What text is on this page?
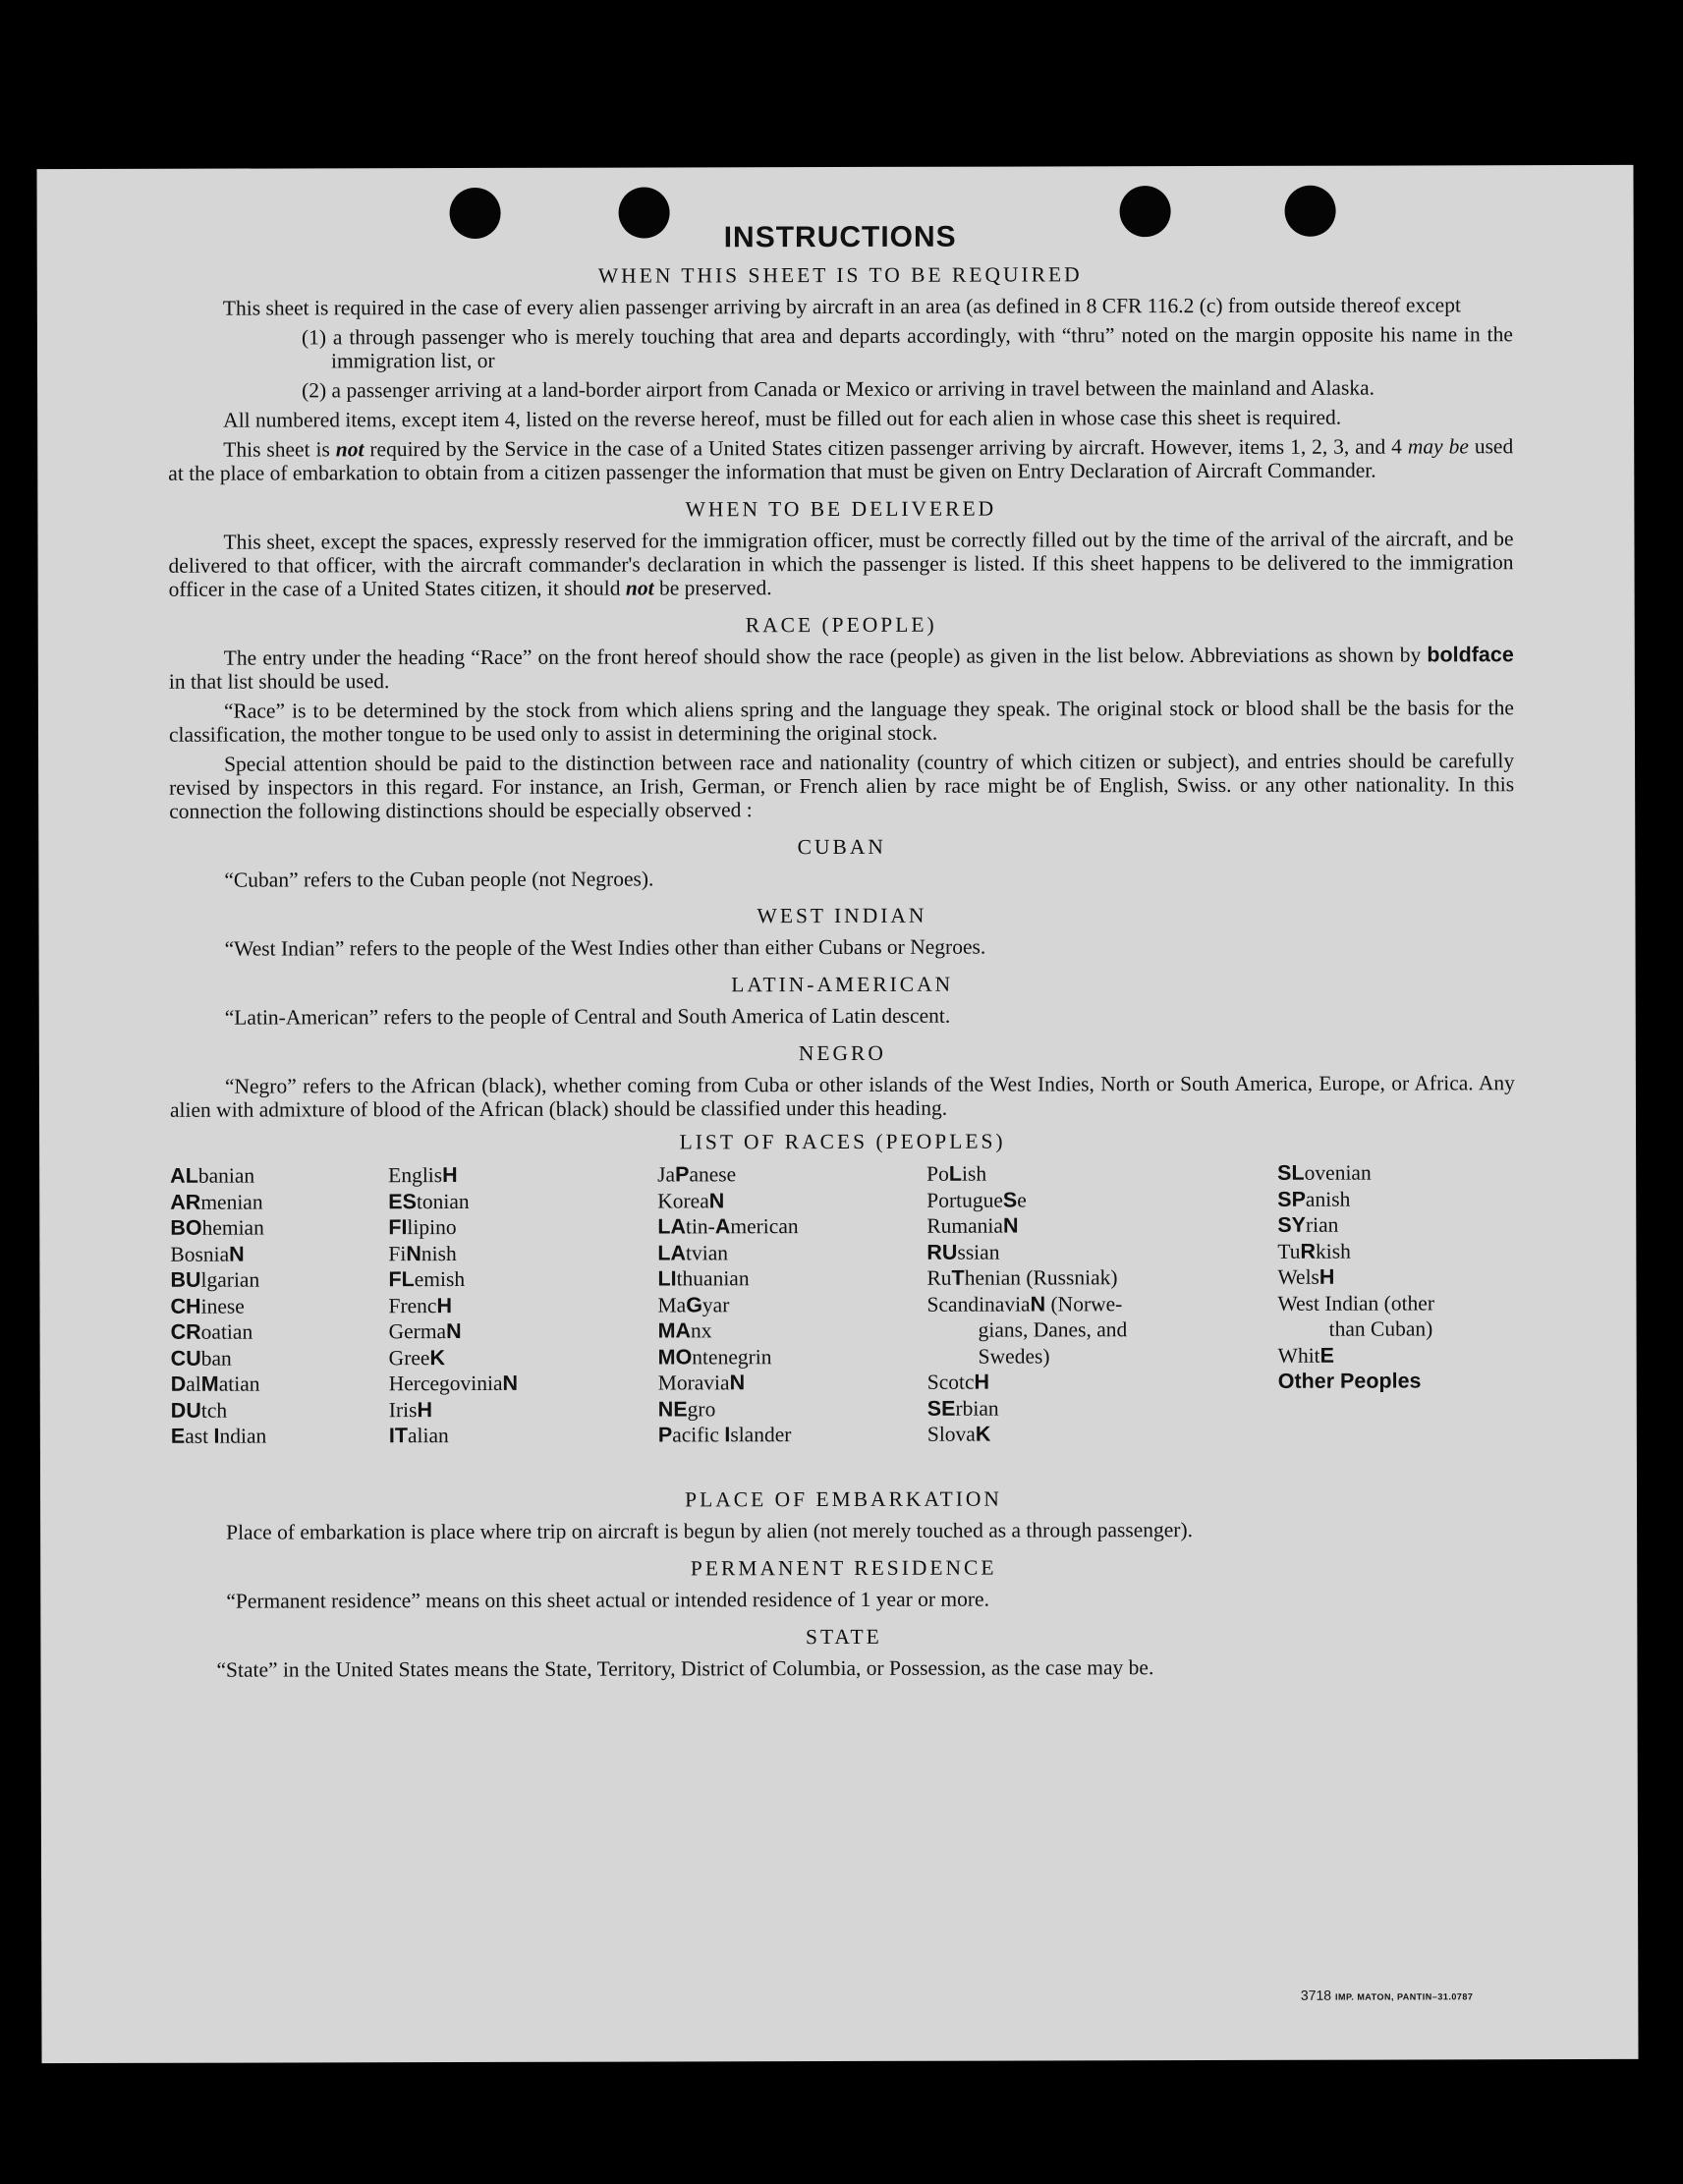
INSTRUCTIONS
WHEN THIS SHEET IS TO BE REQUIRED

This sheet is required in the case of every alien passenger arriving by aircraft in an area (as defined in 8 CFR 116.2 (c) from outside thereof except

(1) a through passenger who is merely touching that area and departs accordingly, with “thru” noted on the margin opposite his name in the immigration list, or

(2) a passenger arriving at a land-border airport from Canada or Mexico or arriving in travel between the mainland and Alaska.

All numbered items, except item 4, listed on the reverse hereof, must be filled out for each alien in whose case this sheet is required.

This sheet is not required by the Service in the case of a United States citizen passenger arriving by aircraft. However, items 1, 2, 3, and 4 may be used at the place of embarkation to obtain from a citizen passenger the information that must be given on Entry Declaration of Aircraft Commander.

WHEN TO BE DELIVERED

This sheet, except the spaces, expressly reserved for the immigration officer, must be correctly filled out by the time of the arrival of the aircraft, and be delivered to that officer, with the aircraft commander's declaration in which the passenger is listed. If this sheet happens to be delivered to the immigration officer in the case of a United States citizen, it should not be preserved.

RACE (PEOPLE)

The entry under the heading “Race” on the front hereof should show the race (people) as given in the list below. Abbreviations as shown by boldface in that list should be used.

“Race” is to be determined by the stock from which aliens spring and the language they speak. The original stock or blood shall be the basis for the classification, the mother tongue to be used only to assist in determining the original stock.

Special attention should be paid to the distinction between race and nationality (country of which citizen or subject), and entries should be carefully revised by inspectors in this regard. For instance, an Irish, German, or French alien by race might be of English, Swiss. or any other nationality. In this connection the following distinctions should be especially observed :

CUBAN

“Cuban” refers to the Cuban people (not Negroes).

WEST INDIAN

“West Indian” refers to the people of the West Indies other than either Cubans or Negroes.

LATIN-AMERICAN

“Latin-American” refers to the people of Central and South America of Latin descent.

NEGRO

“Negro” refers to the African (black), whether coming from Cuba or other islands of the West Indies, North or South America, Europe, or Africa. Any alien with admixture of blood of the African (black) should be classified under this heading.

LIST OF RACES (PEOPLES)
ALbanian
ARmenian
BOhemian
BosniaN
BUlgarian
CHinese
CRoatian
CUban
DalMatian
DUtch
East Indian
EnglisH
EStonian
FIlipino
FiNnish
FLemish
FrencH
GermaN
GreeK
HercegoviniaN
IrisH
ITalian
JaPanese
KoreaN
LAtin-American
LAtvian
LIthuanian
MaGyar
MAnx
MOntenegrin
MoraviaN
NEgro
Pacific Islander
PoLish
PortugueSe
RumaniaN
RUssian
RuThenian (Russniak)
ScandinaviaN (Norwe-
gians, Danes, and
Swedes)
ScotcH
SErbian
SlovaK
SLovenian
SPanish
SYrian
TuRkish
WelsH
West Indian (other
than Cuban)
WhitE
Other Peoples
PLACE OF EMBARKATION

Place of embarkation is place where trip on aircraft is begun by alien (not merely touched as a through passenger).

PERMANENT RESIDENCE

“Permanent residence” means on this sheet actual or intended residence of 1 year or more.

STATE

“State” in the United States means the State, Territory, District of Columbia, or Possession, as the case may be.

3718 IMP. MATON, PANTIN–31.0787
